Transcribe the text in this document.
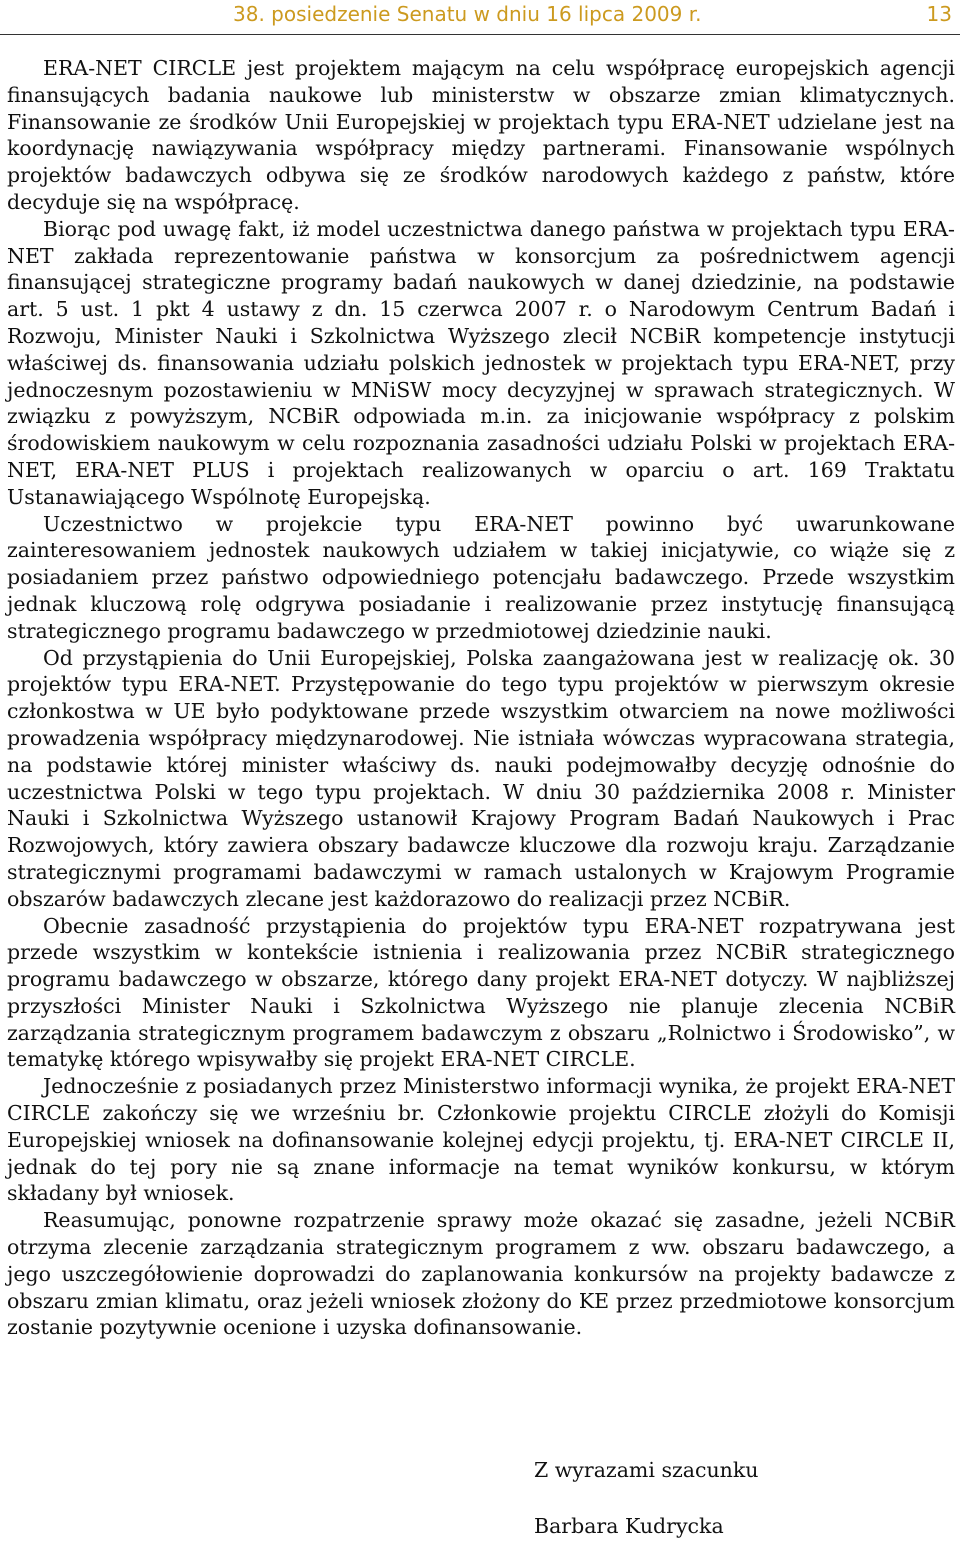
38. posiedzenie Senatu w dniu 16 lipca 2009 r.	13

ERA-NET CIRCLE jest projektem mającym na celu współpracę europejskich agencji finansujących badania naukowe lub ministerstw w obszarze zmian klimatycznych. Finansowanie ze środków Unii Europejskiej w projektach typu ERA-NET udzielane jest na koordynację nawiązywania współpracy między partnerami. Finansowanie wspólnych projektów badawczych odbywa się ze środków narodowych każdego z państw, które decyduje się na współpracę.

Biorąc pod uwagę fakt, iż model uczestnictwa danego państwa w projektach typu ERA-NET zakłada reprezentowanie państwa w konsorcjum za pośrednictwem agencji finansującej strategiczne programy badań naukowych w danej dziedzinie, na podstawie art. 5 ust. 1 pkt 4 ustawy z dn. 15 czerwca 2007 r. o Narodowym Centrum Badań i Rozwoju, Minister Nauki i Szkolnictwa Wyższego zlecił NCBiR kompetencje instytucji właściwej ds. finansowania udziału polskich jednostek w projektach typu ERA-NET, przy jednoczesnym pozostawieniu w MNiSW mocy decyzyjnej w sprawach strategicznych. W związku z powyższym, NCBiR odpowiada m.in. za inicjowanie współpracy z polskim środowiskiem naukowym w celu rozpoznania zasadności udziału Polski w projektach ERA-NET, ERA-NET PLUS i projektach realizowanych w oparciu o art. 169 Traktatu Ustanawiającego Wspólnotę Europejską.

Uczestnictwo w projekcie typu ERA-NET powinno być uwarunkowane zainteresowaniem jednostek naukowych udziałem w takiej inicjatywie, co wiąże się z posiadaniem przez państwo odpowiedniego potencjału badawczego. Przede wszystkim jednak kluczową rolę odgrywa posiadanie i realizowanie przez instytucję finansującą strategicznego programu badawczego w przedmiotowej dziedzinie nauki.

Od przystąpienia do Unii Europejskiej, Polska zaangażowana jest w realizację ok. 30 projektów typu ERA-NET. Przystępowanie do tego typu projektów w pierwszym okresie członkostwa w UE było podyktowane przede wszystkim otwarciem na nowe możliwości prowadzenia współpracy międzynarodowej. Nie istniała wówczas wypracowana strategia, na podstawie której minister właściwy ds. nauki podejmowałby decyzję odnośnie do uczestnictwa Polski w tego typu projektach. W dniu 30 października 2008 r. Minister Nauki i Szkolnictwa Wyższego ustanowił Krajowy Program Badań Naukowych i Prac Rozwojowych, który zawiera obszary badawcze kluczowe dla rozwoju kraju. Zarządzanie strategicznymi programami badawczymi w ramach ustalonych w Krajowym Programie obszarów badawczych zlecane jest każdorazowo do realizacji przez NCBiR.

Obecnie zasadność przystąpienia do projektów typu ERA-NET rozpatrywana jest przede wszystkim w kontekście istnienia i realizowania przez NCBiR strategicznego programu badawczego w obszarze, którego dany projekt ERA-NET dotyczy. W najbliższej przyszłości Minister Nauki i Szkolnictwa Wyższego nie planuje zlecenia NCBiR zarządzania strategicznym programem badawczym z obszaru „Rolnictwo i Środowisko”, w tematykę którego wpisywałby się projekt ERA-NET CIRCLE.

Jednocześnie z posiadanych przez Ministerstwo informacji wynika, że projekt ERA-NET CIRCLE zakończy się we wrześniu br. Członkowie projektu CIRCLE złożyli do Komisji Europejskiej wniosek na dofinansowanie kolejnej edycji projektu, tj. ERA-NET CIRCLE II, jednak do tej pory nie są znane informacje na temat wyników konkursu, w którym składany był wniosek.

Reasumując, ponowne rozpatrzenie sprawy może okazać się zasadne, jeżeli NCBiR otrzyma zlecenie zarządzania strategicznym programem z ww. obszaru badawczego, a jego uszczegółowienie doprowadzi do zaplanowania konkursów na projekty badawcze z obszaru zmian klimatu, oraz jeżeli wniosek złożony do KE przez przedmiotowe konsorcjum zostanie pozytywnie ocenione i uzyska dofinansowanie.

Z wyrazami szacunku
Barbara Kudrycka
